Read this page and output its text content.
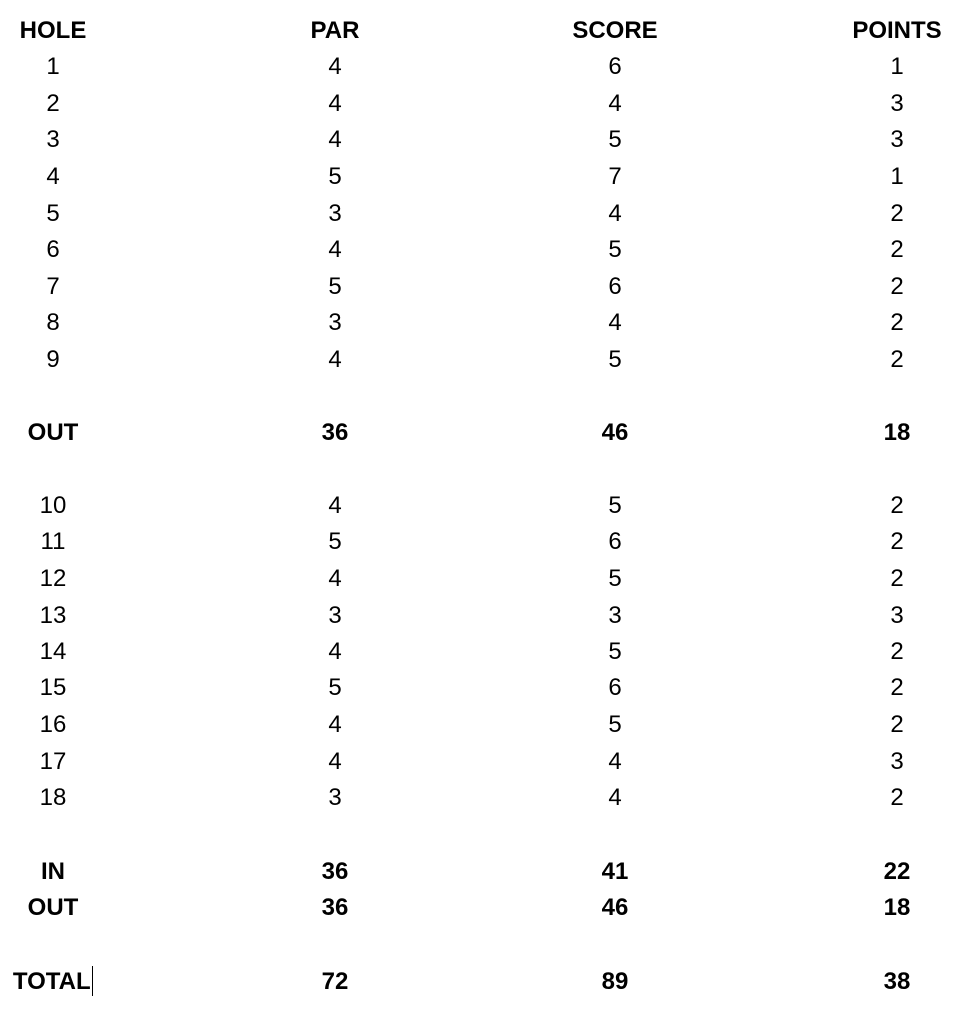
HOLE	PAR	SCORE	POINTS
1	4	6	1
2	4	4	3
3	4	5	3
4	5	7	1
5	3	4	2
6	4	5	2
7	5	6	2
8	3	4	2
9	4	5	2
OUT	36	46	18
10	4	5	2
11	5	6	2
12	4	5	2
13	3	3	3
14	4	5	2
15	5	6	2
16	4	5	2
17	4	4	3
18	3	4	2
IN	36	41	22
OUT	36	46	18
TOTAL	72	89	38
